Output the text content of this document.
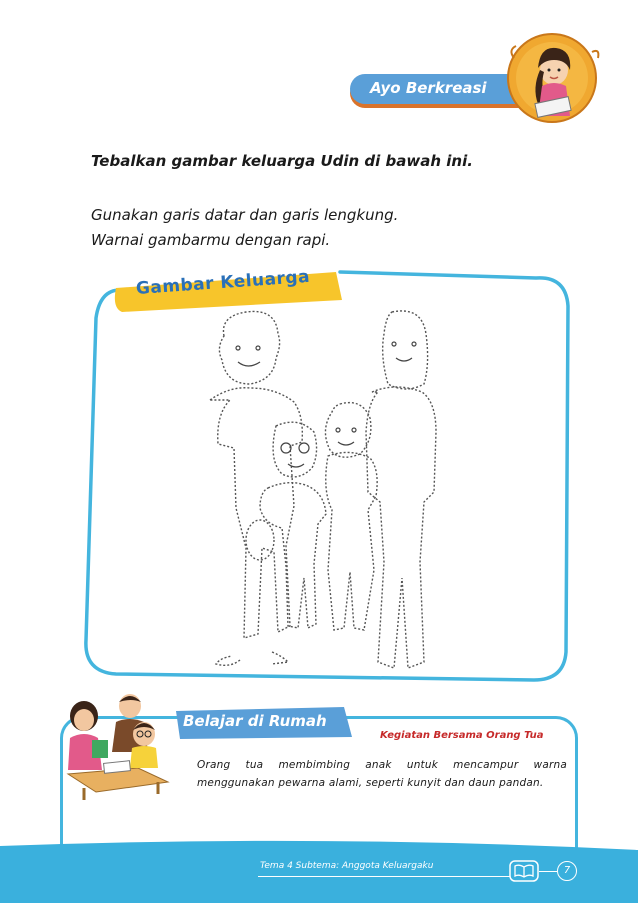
Ayo Berkreasi
Tebalkan gambar keluarga Udin di bawah ini.
Gunakan garis datar dan garis lengkung.
Warnai gambarmu dengan rapi.
Gambar Keluarga
Belajar di Rumah
Kegiatan Bersama Orang Tua
Orang tua membimbing anak untuk mencampur warna menggunakan pewarna alami, seperti kunyit dan daun pandan.
Tema 4 Subtema: Anggota Keluargaku	7
